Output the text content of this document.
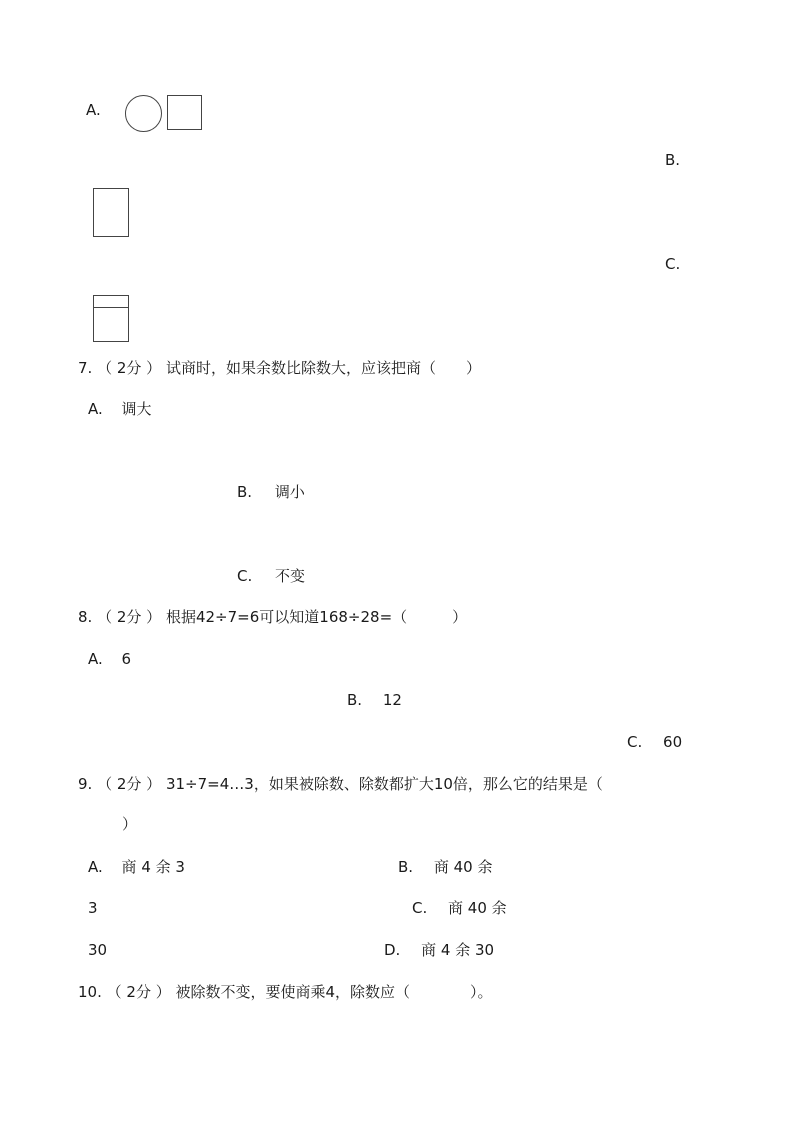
A.
B.
C.
7. （ 2分 ） 试商时，如果余数比除数大，应该把商（　　）
A. 调大
B. 调小
C. 不变
8. （ 2分 ） 根据42÷7=6可以知道168÷28=（　　　）
A. 6
B. 12
C. 60
9. （ 2分 ） 31÷7=4…3，如果被除数、除数都扩大10倍，那么它的结果是（
）
A. 商 4 余 3	B. 商 40 余
3	C. 商 40 余
30	D. 商 4 余 30
10. （ 2分 ） 被除数不变，要使商乘4，除数应（　　　　）。
